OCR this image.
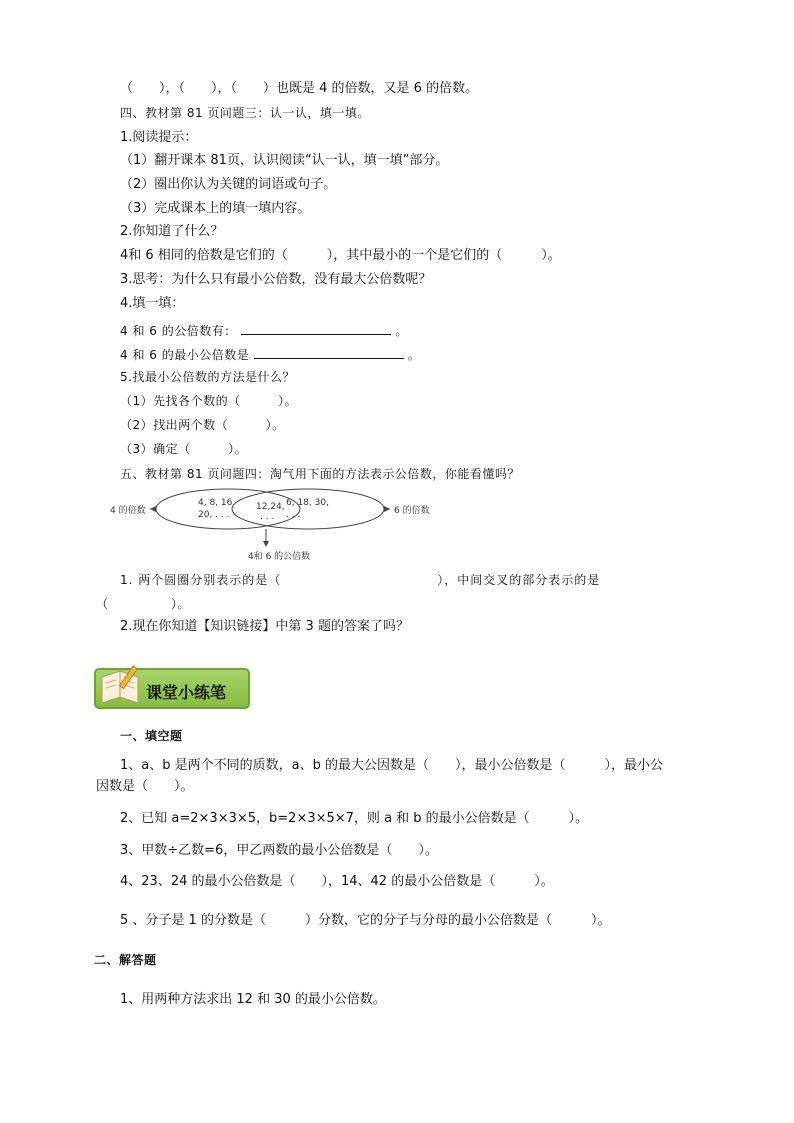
（　　），（　　），（　　）也既是 4 的倍数，又是 6 的倍数。
四、教材第 81 页问题三：认一认，填一填。
1.阅读提示：
（1）翻开课本 81页，认识阅读“认一认，填一填”部分。
（2）圈出你认为关键的词语或句子。
（3）完成课本上的填一填内容。
2.你知道了什么？
4和 6 相同的倍数是它们的（　　　），其中最小的一个是它们的（　　　）。
3.思考：为什么只有最小公倍数，没有最大公倍数呢？
4.填一填：
4 和 6 的公倍数有：	。
4 和 6 的最小公倍数是	。
5.找最小公倍数的方法是什么？
（1）先找各个数的（　　　）。
（2）找出两个数（　　　）。
（3）确定（　　　）。
五、教材第 81 页问题四：淘气用下面的方法表示公倍数，你能看懂吗？
4 的倍数	6 的倍数
4和 6 的公倍数
4, 8, 16,
20, . . .
12,24,
. . .
6, 18, 30,
. . .
1. 两个圆圈分别表示的是（　　　　　　　　　　　　），中间交叉的部分表示的是
（　　　　　）。
2.现在你知道【知识链接】中第 3 题的答案了吗？
课堂小练笔
一、填空题
1、a、b 是两个不同的质数，a、b 的最大公因数是（　　），最小公倍数是（　　　），最小公
因数是（　　）。
2、已知 a=2×3×3×5，b=2×3×5×7，则 a 和 b 的最小公倍数是（　　　）。
3、甲数÷乙数=6，甲乙两数的最小公倍数是（　　）。
4、23、24 的最小公倍数是（　　），14、42 的最小公倍数是（　　　）。
5 、分子是 1 的分数是（　　　）分数，它的分子与分母的最小公倍数是（　　　）。
二、解答题
1、用两种方法求出 12 和 30 的最小公倍数。
